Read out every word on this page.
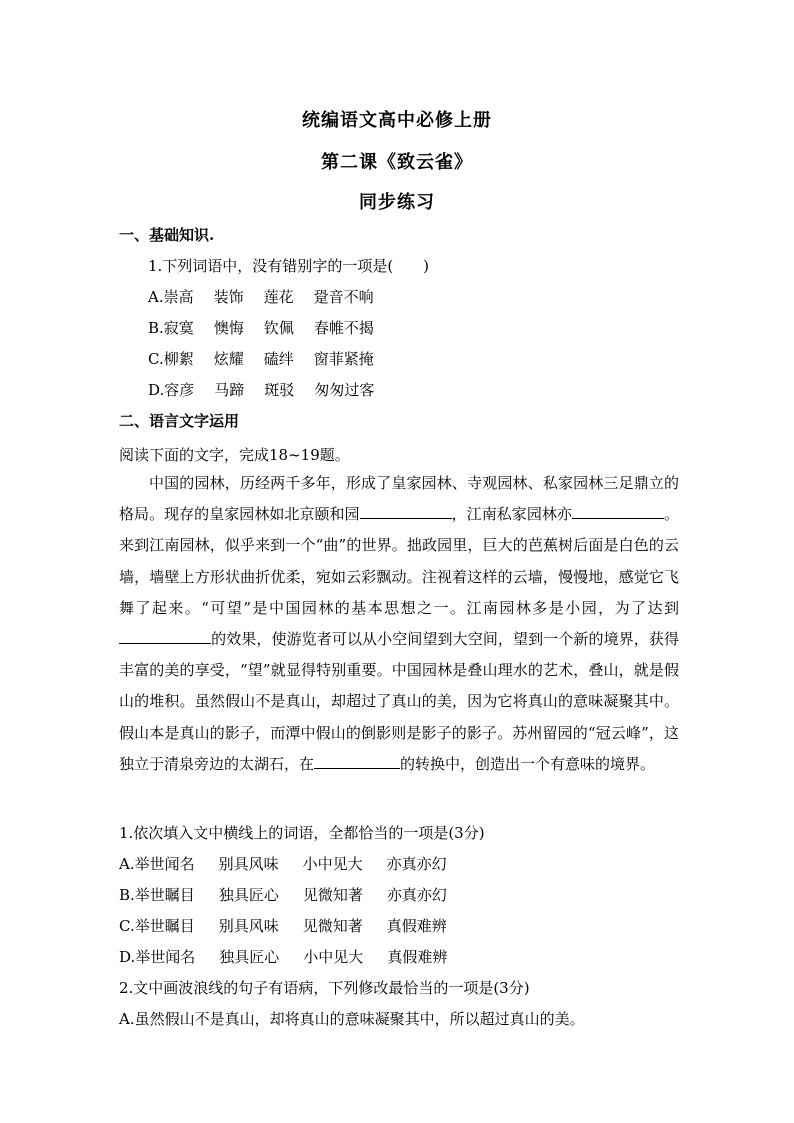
统编语文高中必修上册
第二课《致云雀》
同步练习
一、基础知识.
1.下列词语中，没有错别字的一项是(　　)
A.崇高 装饰 莲花 跫音不响
B.寂寞 懊悔 钦佩 春帷不揭
C.柳絮 炫耀 磕绊 窗菲紧掩
D.容彦 马蹄 斑驳 匆匆过客
二、语言文字运用
阅读下面的文字，完成18~19题。
中国的园林，历经两千多年，形成了皇家园林、寺观园林、私家园林三足鼎立的格局。现存的皇家园林如北京颐和园	，江南私家园林亦	。来到江南园林，似乎来到一个“曲”的世界。拙政园里，巨大的芭蕉树后面是白色的云墙，墙壁上方形状曲折优柔，宛如云彩飘动。注视着这样的云墙，慢慢地，感觉它飞舞了起来。“可望”是中国园林的基本思想之一。江南园林多是小园，为了达到的效果，使游览者可以从小空间望到大空间，望到一个新的境界，获得丰富的美的享受，“望”就显得特别重要。中国园林是叠山理水的艺术，叠山，就是假山的堆积。虽然假山不是真山，却超过了真山的美，因为它将真山的意味凝聚其中。假山本是真山的影子，而潭中假山的倒影则是影子的影子。苏州留园的“冠云峰”，这独立于清泉旁边的太湖石，在	的转换中，创造出一个有意味的境界。
1.依次填入文中横线上的词语，全都恰当的一项是(3分)
A.举世闻名 别具风味 小中见大 亦真亦幻
B.举世瞩目 独具匠心 见微知著 亦真亦幻
C.举世瞩目 别具风味 见微知著 真假难辨
D.举世闻名 独具匠心 小中见大 真假难辨
2.文中画波浪线的句子有语病，下列修改最恰当的一项是(3分)
A.虽然假山不是真山，却将真山的意味凝聚其中，所以超过真山的美。
